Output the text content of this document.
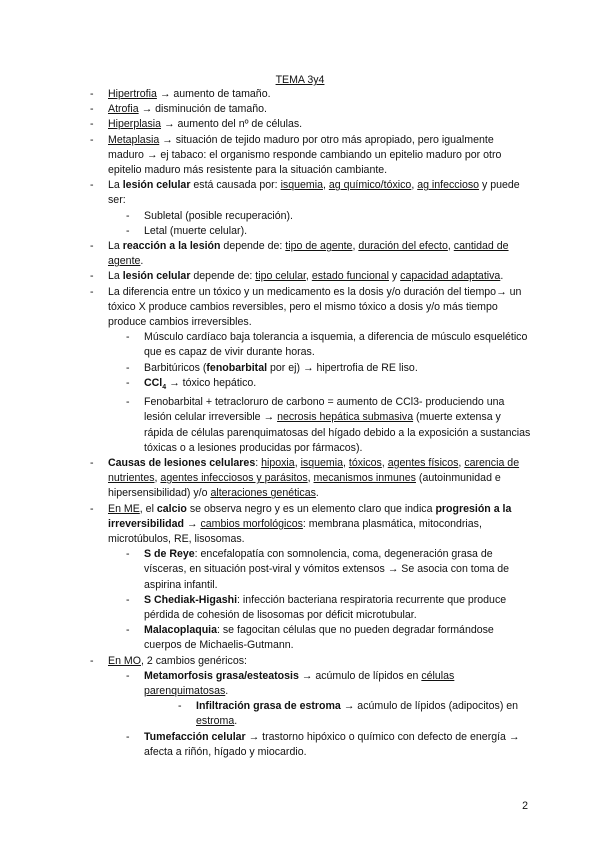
TEMA 3y4
- Hipertrofia → aumento de tamaño.
- Atrofia → disminución de tamaño.
- Hiperplasia → aumento del nº de células.
- Metaplasia → situación de tejido maduro por otro más apropiado, pero igualmente maduro → ej tabaco: el organismo responde cambiando un epitelio maduro por otro epitelio maduro más resistente para la situación cambiante.
- La lesión celular está causada por: isquemia, ag químico/tóxico, ag infeccioso y puede ser:
- Subletal (posible recuperación).
- Letal (muerte celular).
- La reacción a la lesión depende de: tipo de agente, duración del efecto, cantidad de agente.
- La lesión celular depende de: tipo celular, estado funcional y capacidad adaptativa.
- La diferencia entre un tóxico y un medicamento es la dosis y/o duración del tiempo→ un tóxico X produce cambios reversibles, pero el mismo tóxico a dosis y/o más tiempo produce cambios irreversibles.
- Músculo cardíaco baja tolerancia a isquemia, a diferencia de músculo esquelético que es capaz de vivir durante horas.
- Barbitúricos (fenobarbital por ej) → hipertrofia de RE liso.
- CCl$_4$ → tóxico hepático.
- Fenobarbital + tetracloruro de carbono = aumento de CCl3- produciendo una lesión celular irreversible → necrosis hepática submasiva (muerte extensa y rápida de células parenquimatosas del hígado debido a la exposición a sustancias tóxicas o a lesiones producidas por fármacos).
- Causas de lesiones celulares: hipoxia, isquemia, tóxicos, agentes físicos, carencia de nutrientes, agentes infecciosos y parásitos, mecanismos inmunes (autoinmunidad e hipersensibilidad) y/o alteraciones genéticas.
- En ME, el calcio se observa negro y es un elemento claro que indica progresión a la irreversibilidad → cambios morfológicos: membrana plasmática, mitocondrias, microtúbulos, RE, lisosomas.
- S de Reye: encefalopatía con somnolencia, coma, degeneración grasa de vísceras, en situación post-viral y vómitos extensos → Se asocia con toma de aspirina infantil.
- S Chediak-Higashi: infección bacteriana respiratoria recurrente que produce pérdida de cohesión de lisosomas por déficit microtubular.
- Malacoplaquia: se fagocitan células que no pueden degradar formándose cuerpos de Michaelis-Gutmann.
- En MO, 2 cambios genéricos:
- Metamorfosis grasa/esteatosis → acúmulo de lípidos en células parenquimatosas.
- Infiltración grasa de estroma → acúmulo de lípidos (adipocitos) en estroma.
- Tumefacción celular → trastorno hipóxico o químico con defecto de energía → afecta a riñón, hígado y miocardio.
2
